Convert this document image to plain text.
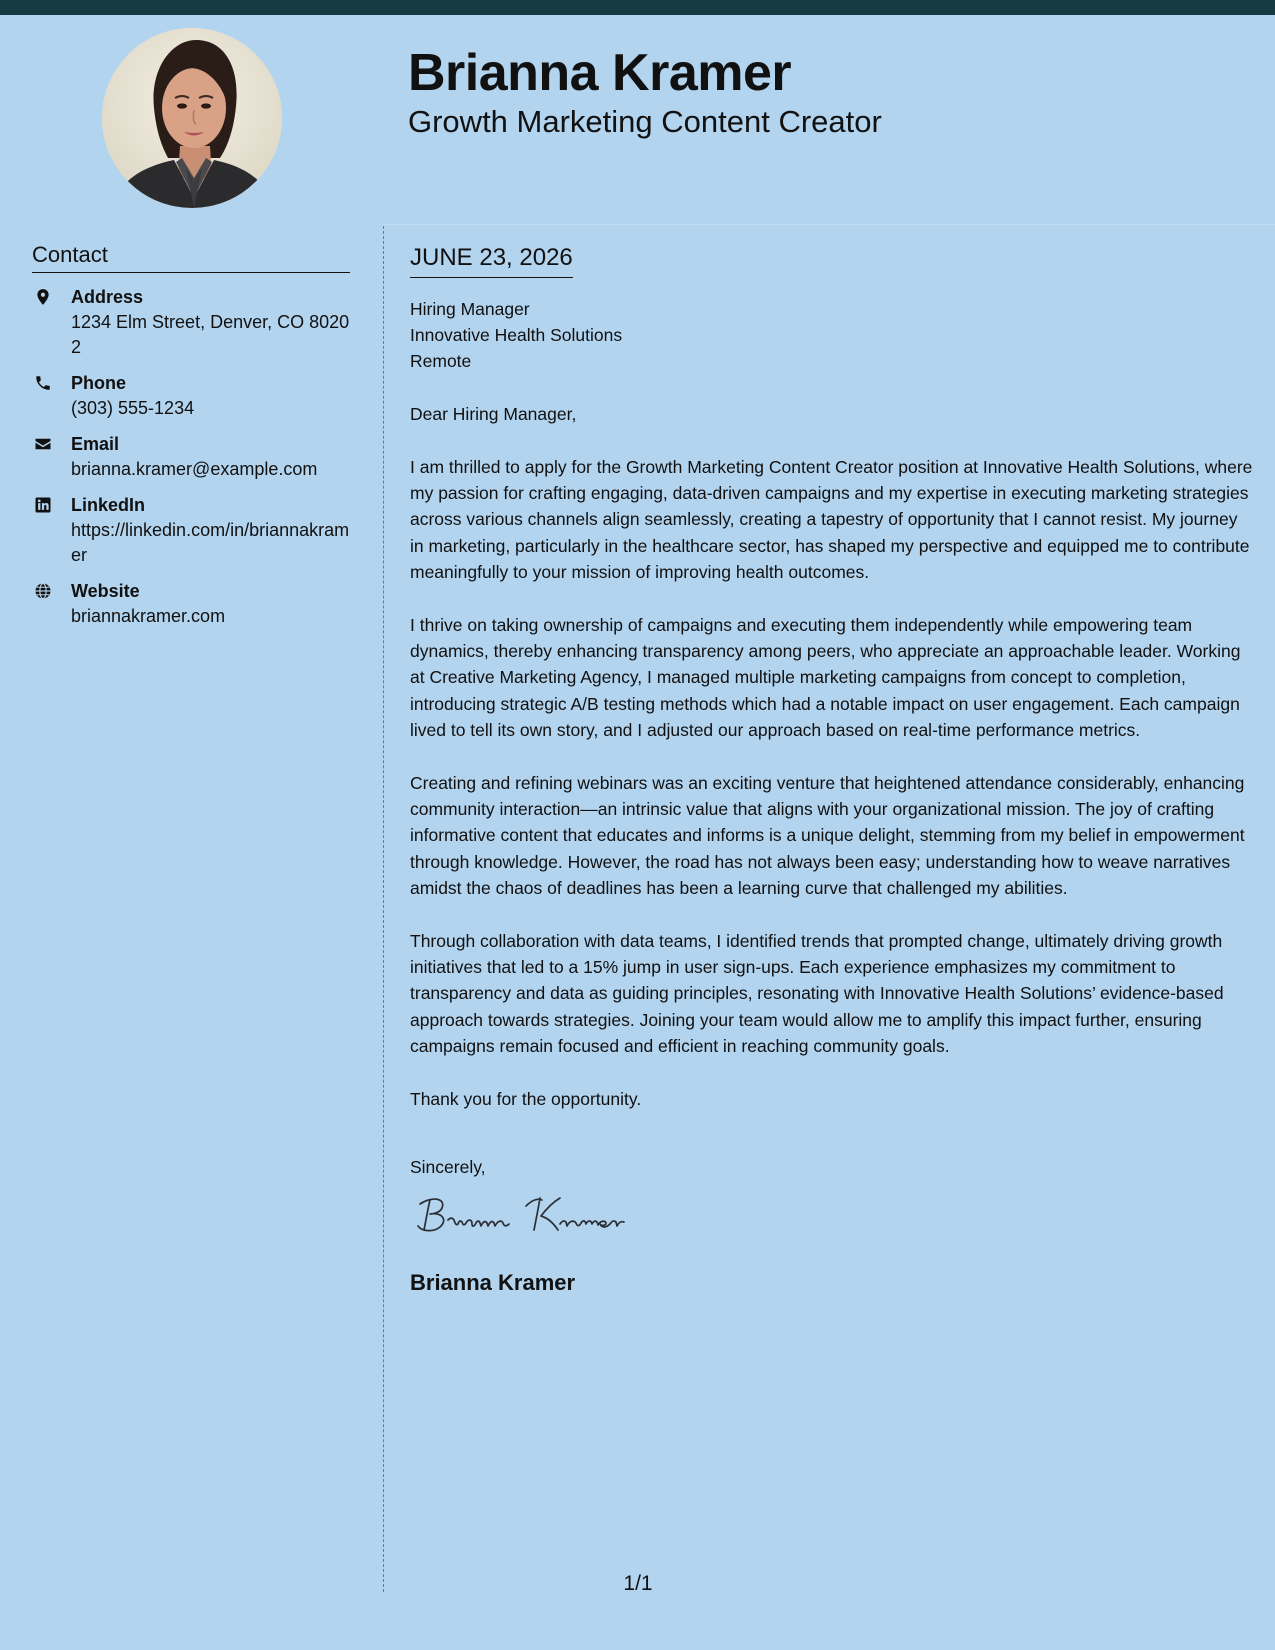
Brianna Kramer
Growth Marketing Content Creator
Contact
Address
1234 Elm Street, Denver, CO 80202
Phone
(303) 555-1234
Email
brianna.kramer@example.com
LinkedIn
https://linkedin.com/in/briannakramer
Website
briannakramer.com
JUNE 23, 2026
Hiring Manager
Innovative Health Solutions
Remote

Dear Hiring Manager,

I am thrilled to apply for the Growth Marketing Content Creator position at Innovative Health Solutions, where my passion for crafting engaging, data-driven campaigns and my expertise in executing marketing strategies across various channels align seamlessly, creating a tapestry of opportunity that I cannot resist. My journey in marketing, particularly in the healthcare sector, has shaped my perspective and equipped me to contribute meaningfully to your mission of improving health outcomes.

I thrive on taking ownership of campaigns and executing them independently while empowering team dynamics, thereby enhancing transparency among peers, who appreciate an approachable leader. Working at Creative Marketing Agency, I managed multiple marketing campaigns from concept to completion, introducing strategic A/B testing methods which had a notable impact on user engagement. Each campaign lived to tell its own story, and I adjusted our approach based on real-time performance metrics.

Creating and refining webinars was an exciting venture that heightened attendance considerably, enhancing community interaction—an intrinsic value that aligns with your organizational mission. The joy of crafting informative content that educates and informs is a unique delight, stemming from my belief in empowerment through knowledge. However, the road has not always been easy; understanding how to weave narratives amidst the chaos of deadlines has been a learning curve that challenged my abilities.

Through collaboration with data teams, I identified trends that prompted change, ultimately driving growth initiatives that led to a 15% jump in user sign-ups. Each experience emphasizes my commitment to transparency and data as guiding principles, resonating with Innovative Health Solutions’ evidence-based approach towards strategies. Joining your team would allow me to amplify this impact further, ensuring campaigns remain focused and efficient in reaching community goals.

Thank you for the opportunity.

Sincerely,
Brianna Kramer
1/1
